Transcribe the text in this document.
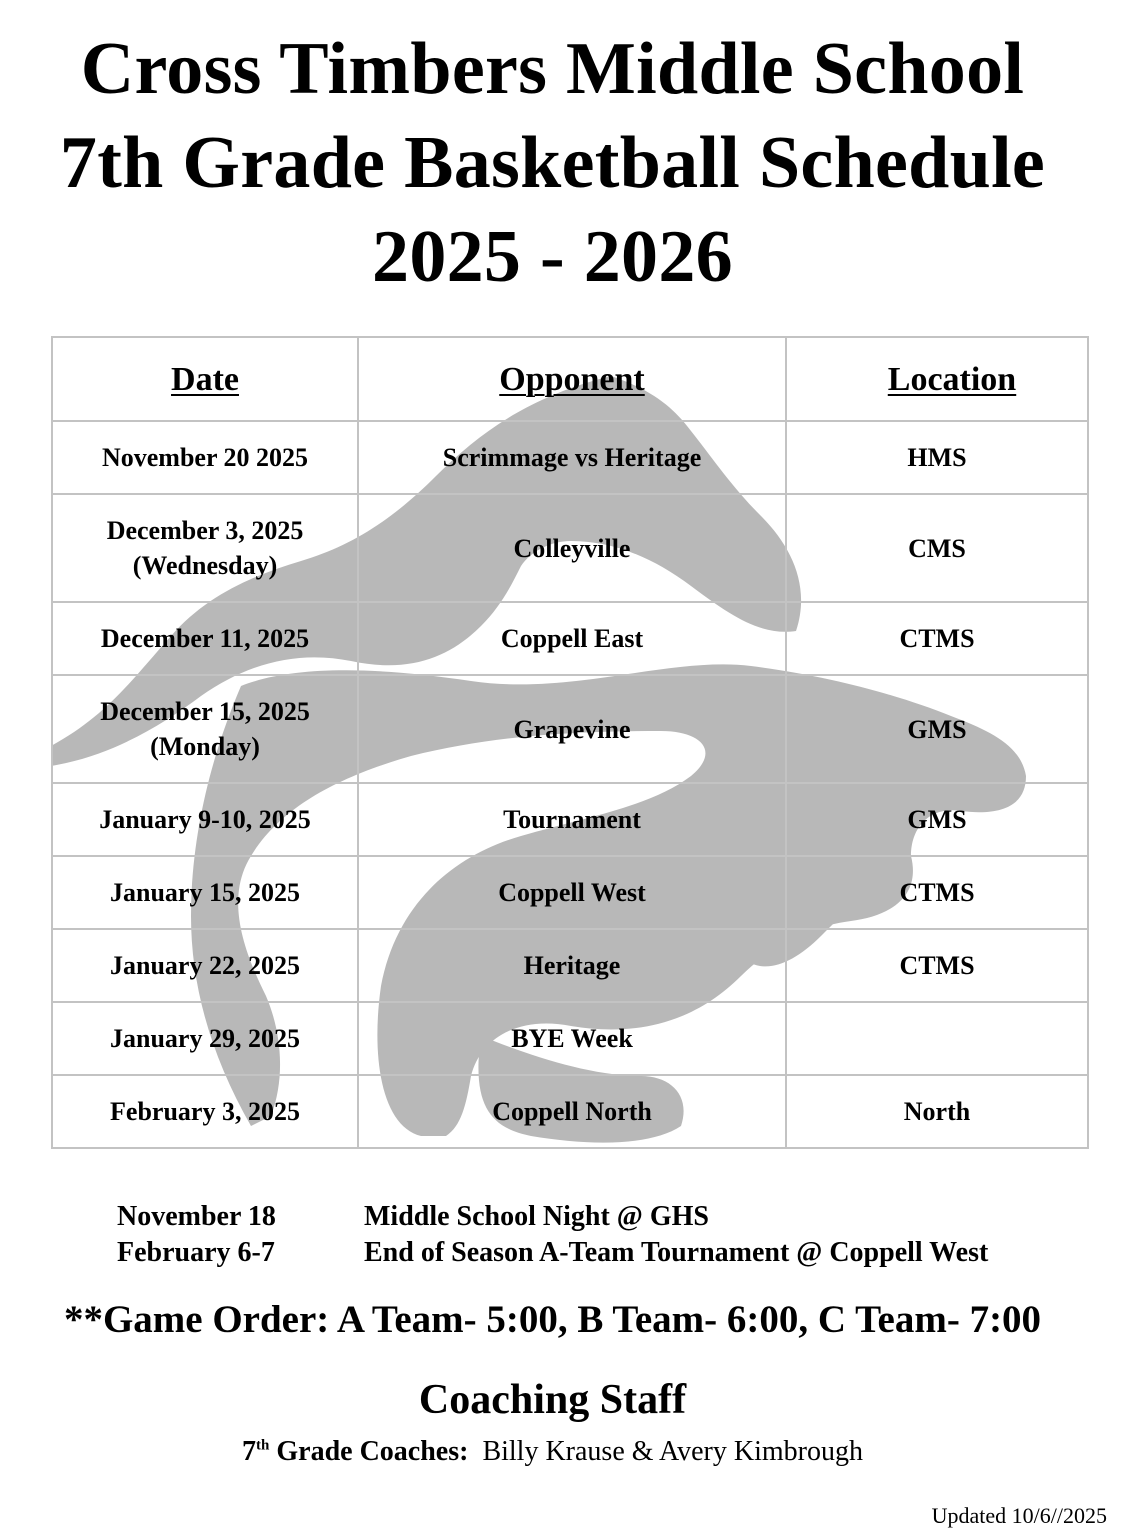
Cross Timbers Middle School
7th Grade Basketball Schedule
2025 - 2026
Date	Opponent	Location
November 20 2025	Scrimmage vs Heritage	HMS

December 3, 2025
(Wednesday)	Colleyville	CMS
December 11, 2025	Coppell East	CTMS

December 15, 2025
(Monday)	Grapevine	GMS
January 9-10, 2025	Tournament	GMS
January 15, 2025	Coppell West	CTMS
January 22, 2025	Heritage	CTMS
January 29, 2025	BYE Week	
February 3, 2025	Coppell North	North
November 18	Middle School Night @ GHS
February 6-7	End of Season A-Team Tournament @ Coppell West
**Game Order: A Team- 5:00, B Team- 6:00, C Team- 7:00
Coaching Staff
7th Grade Coaches: Billy Krause & Avery Kimbrough
Updated 10/6//2025
